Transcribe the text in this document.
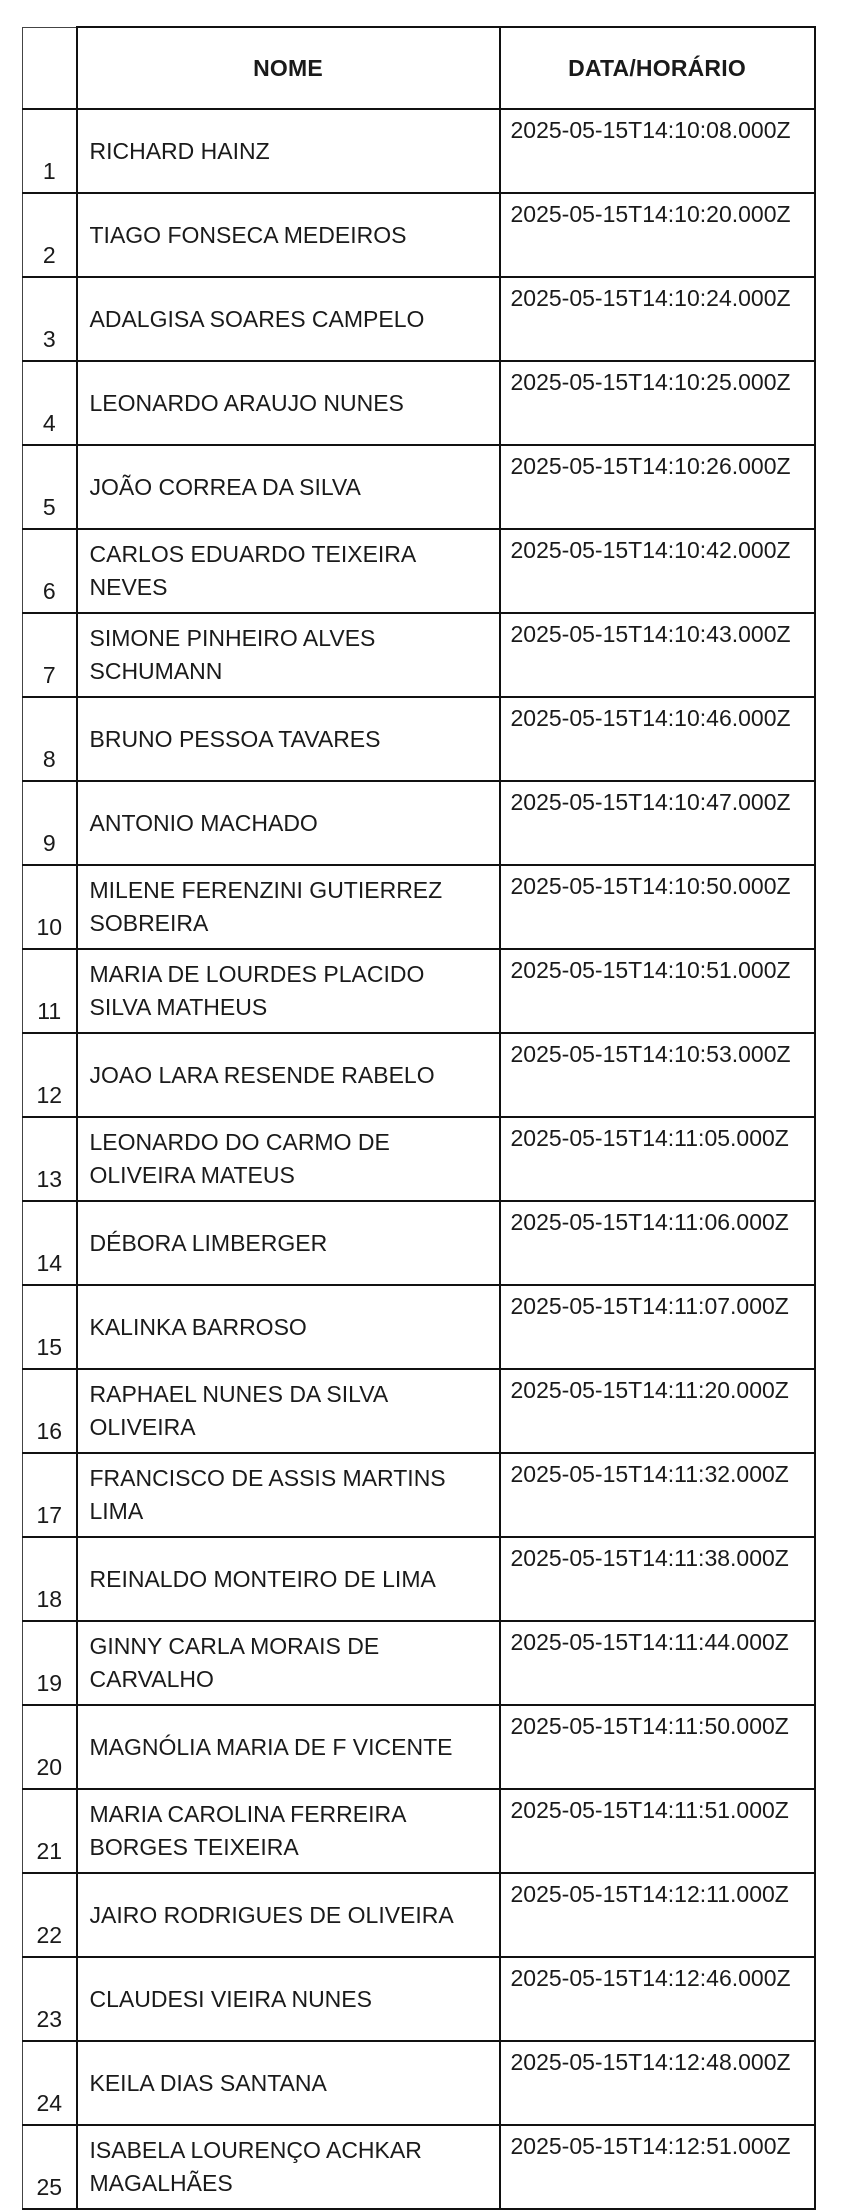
	NOME	DATA/HORÁRIO
1	RICHARD HAINZ	2025-05-15T14:10:08.000Z
2	TIAGO FONSECA MEDEIROS	2025-05-15T14:10:20.000Z
3	ADALGISA SOARES CAMPELO	2025-05-15T14:10:24.000Z
4	LEONARDO ARAUJO NUNES	2025-05-15T14:10:25.000Z
5	JOÃO CORREA DA SILVA	2025-05-15T14:10:26.000Z
6	CARLOS EDUARDO TEIXEIRA NEVES	2025-05-15T14:10:42.000Z
7	SIMONE PINHEIRO ALVES SCHUMANN	2025-05-15T14:10:43.000Z
8	BRUNO PESSOA TAVARES	2025-05-15T14:10:46.000Z
9	ANTONIO MACHADO	2025-05-15T14:10:47.000Z
10	MILENE FERENZINI GUTIERREZ SOBREIRA	2025-05-15T14:10:50.000Z
11	MARIA DE LOURDES PLACIDO SILVA MATHEUS	2025-05-15T14:10:51.000Z
12	JOAO LARA RESENDE RABELO	2025-05-15T14:10:53.000Z
13	LEONARDO DO CARMO DE OLIVEIRA MATEUS	2025-05-15T14:11:05.000Z
14	DÉBORA LIMBERGER	2025-05-15T14:11:06.000Z
15	KALINKA BARROSO	2025-05-15T14:11:07.000Z
16	RAPHAEL NUNES DA SILVA OLIVEIRA	2025-05-15T14:11:20.000Z
17	FRANCISCO DE ASSIS MARTINS LIMA	2025-05-15T14:11:32.000Z
18	REINALDO MONTEIRO DE LIMA	2025-05-15T14:11:38.000Z
19	GINNY CARLA MORAIS DE CARVALHO	2025-05-15T14:11:44.000Z
20	MAGNÓLIA MARIA DE F VICENTE	2025-05-15T14:11:50.000Z
21	MARIA CAROLINA FERREIRA BORGES TEIXEIRA	2025-05-15T14:11:51.000Z
22	JAIRO RODRIGUES DE OLIVEIRA	2025-05-15T14:12:11.000Z
23	CLAUDESI VIEIRA NUNES	2025-05-15T14:12:46.000Z
24	KEILA DIAS SANTANA	2025-05-15T14:12:48.000Z
25	ISABELA LOURENÇO ACHKAR MAGALHÃES	2025-05-15T14:12:51.000Z
